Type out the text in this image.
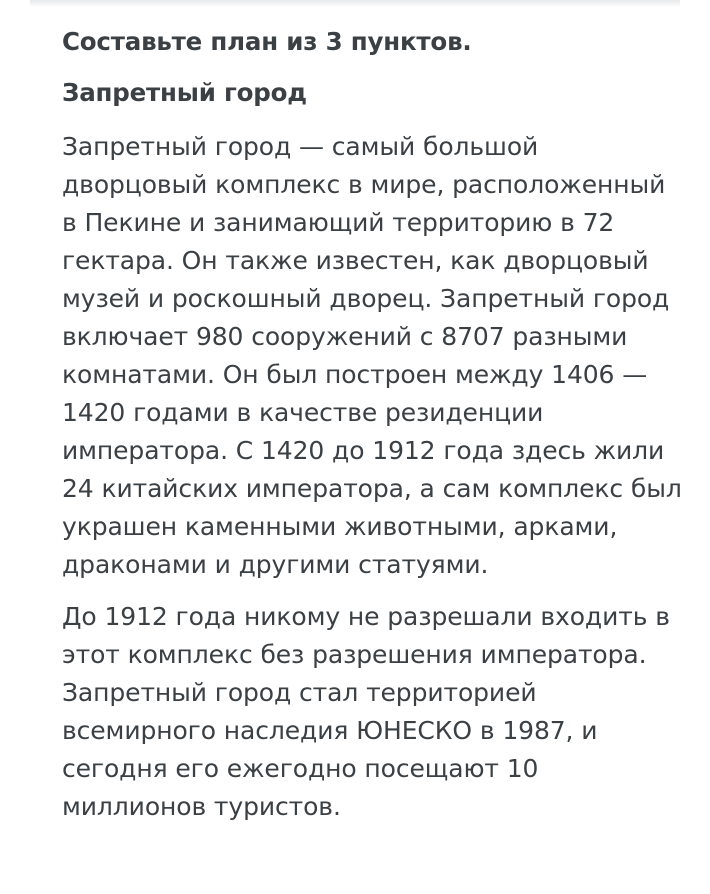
Составьте план из 3 пунктов.
Запретный город

Запретный город — самый большой дворцовый комплекс в мире, расположенный в Пекине и занимающий территорию в 72 гектара. Он также известен, как дворцовый музей и роскошный дворец. Запретный город включает 980 сооружений с 8707 разными комнатами. Он был построен между 1406 — 1420 годами в качестве резиденции императора. С 1420 до 1912 года здесь жили 24 китайских императора, а сам комплекс был украшен каменными животными, арками, драконами и другими статуями.

До 1912 года никому не разрешали входить в этот комплекс без разрешения императора. Запретный город стал территорией всемирного наследия ЮНЕСКО в 1987, и сегодня его ежегодно посещают 10 миллионов туристов.
